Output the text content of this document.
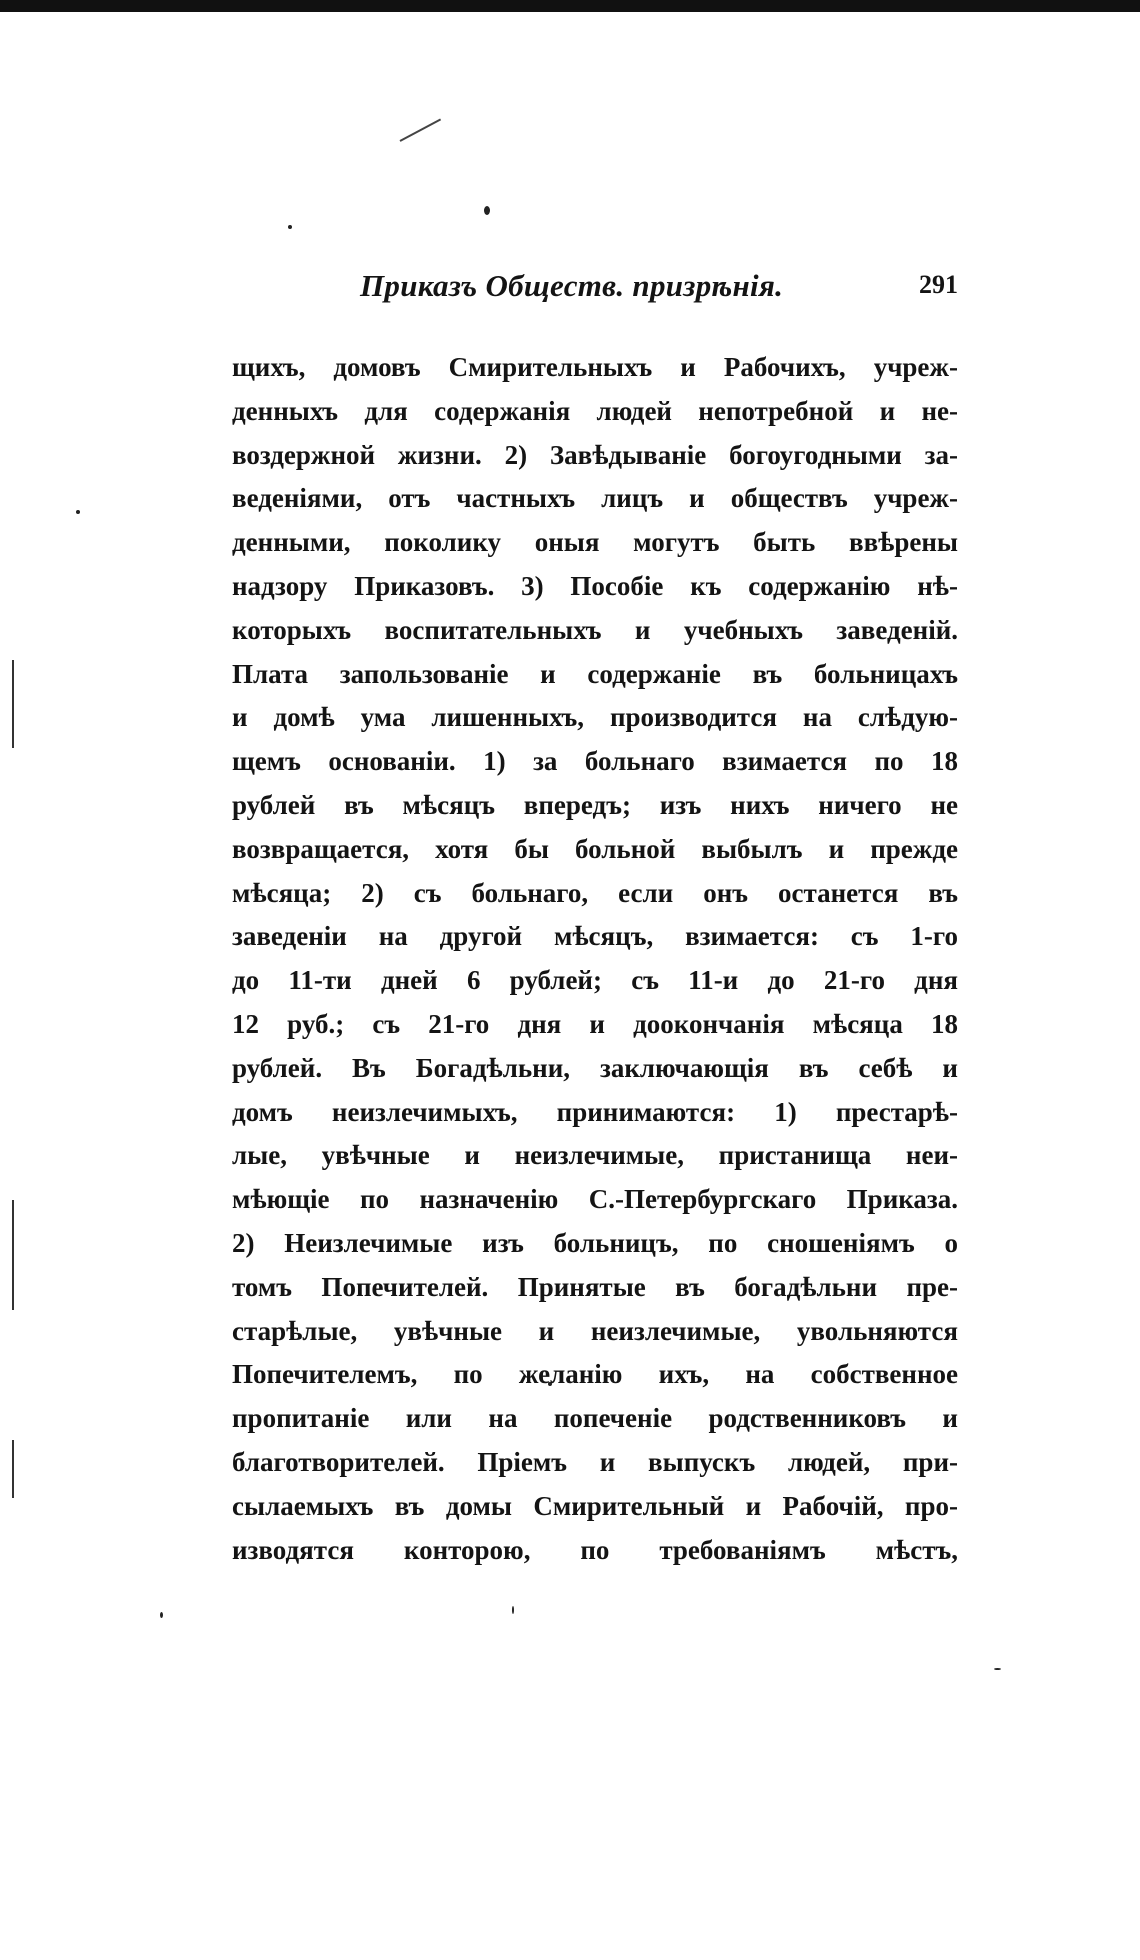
Приказъ Обществ. призрѣнія.	291
щихъ, домовъ Смирительныхъ и Рабочихъ, учреж-
денныхъ для содержанія людей непотребной и не-
воздержной жизни. 2) Завѣдываніе богоугодными за-
веденіями, отъ частныхъ лицъ и обществъ учреж-
денными, поколику оныя могутъ быть ввѣрены
надзору Приказовъ. 3) Пособіе къ содержанію нѣ-
которыхъ воспитательныхъ и учебныхъ заведеній.
Плата запользованіе и содержаніе въ больницахъ
и домѣ ума лишенныхъ, производится на слѣдую-
щемъ основаніи. 1) за больнаго взимается по 18
рублей въ мѣсяцъ впередъ; изъ нихъ ничего не
возвращается, хотя бы больной выбылъ и прежде
мѣсяца; 2) съ больнаго, если онъ останется въ
заведеніи на другой мѣсяцъ, взимается: съ 1-го
до 11-ти дней 6 рублей; съ 11-и до 21-го дня
12 руб.; съ 21-го дня и доокончанія мѣсяца 18
рублей. Въ Богадѣльни, заключающія въ себѣ и
домъ неизлечимыхъ, принимаются: 1) престарѣ-
лые, увѣчные и неизлечимые, пристанища неи-
мѣющіе по назначенію С.-Петербургскаго Приказа.
2) Неизлечимые изъ больницъ, по сношеніямъ о
томъ Попечителей. Принятые въ богадѣльни пре-
старѣлые, увѣчные и неизлечимые, увольняются
Попечителемъ, по желанію ихъ, на собственное
пропитаніе или на попеченіе родственниковъ и
благотворителей. Пріемъ и выпускъ людей, при-
сылаемыхъ въ домы Смирительный и Рабочій, про-
изводятся конторою, по требованіямъ мѣстъ,
